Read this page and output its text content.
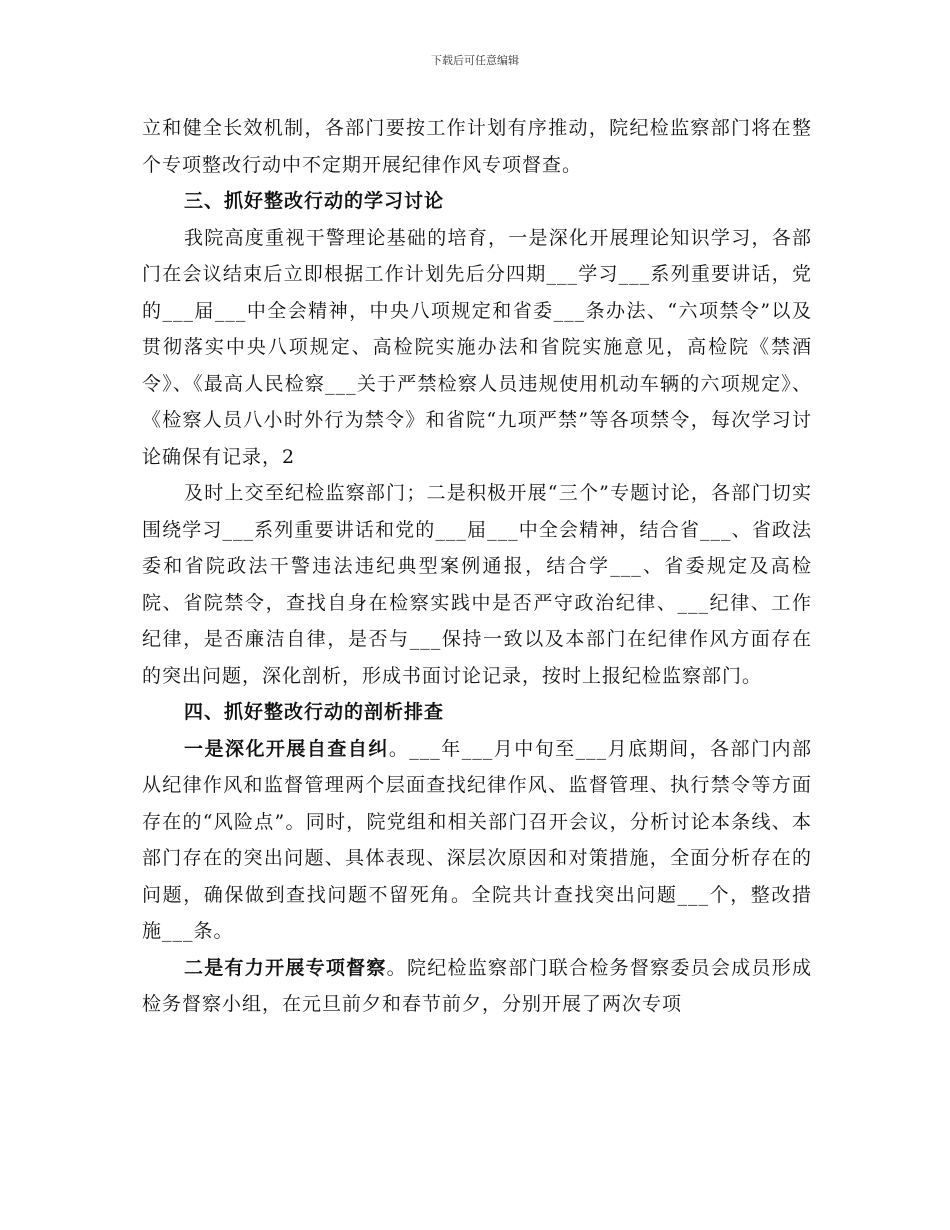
下载后可任意编辑

立和健全长效机制，各部门要按工作计划有序推动，院纪检监察部门将在整个专项整改行动中不定期开展纪律作风专项督查。

三、抓好整改行动的学习讨论

我院高度重视干警理论基础的培育，一是深化开展理论知识学习，各部门在会议结束后立即根据工作计划先后分四期___学习___系列重要讲话，党的___届___中全会精神，中央八项规定和省委___条办法、“六项禁令”以及贯彻落实中央八项规定、高检院实施办法和省院实施意见，高检院《禁酒令》、《最高人民检察___关于严禁检察人员违规使用机动车辆的六项规定》、《检察人员八小时外行为禁令》和省院“九项严禁”等各项禁令，每次学习讨论确保有记录，2

及时上交至纪检监察部门；二是积极开展“三个”专题讨论，各部门切实围绕学习___系列重要讲话和党的___届___中全会精神，结合省___、省政法委和省院政法干警违法违纪典型案例通报，结合学___、省委规定及高检院、省院禁令，查找自身在检察实践中是否严守政治纪律、___纪律、工作纪律，是否廉洁自律，是否与___保持一致以及本部门在纪律作风方面存在的突出问题，深化剖析，形成书面讨论记录，按时上报纪检监察部门。

四、抓好整改行动的剖析排查

一是深化开展自查自纠。___年___月中旬至___月底期间，各部门内部从纪律作风和监督管理两个层面查找纪律作风、监督管理、执行禁令等方面存在的“风险点”。同时，院党组和相关部门召开会议，分析讨论本条线、本部门存在的突出问题、具体表现、深层次原因和对策措施，全面分析存在的问题，确保做到查找问题不留死角。全院共计查找突出问题___个，整改措施___条。

二是有力开展专项督察。院纪检监察部门联合检务督察委员会成员形成检务督察小组，在元旦前夕和春节前夕，分别开展了两次专项
